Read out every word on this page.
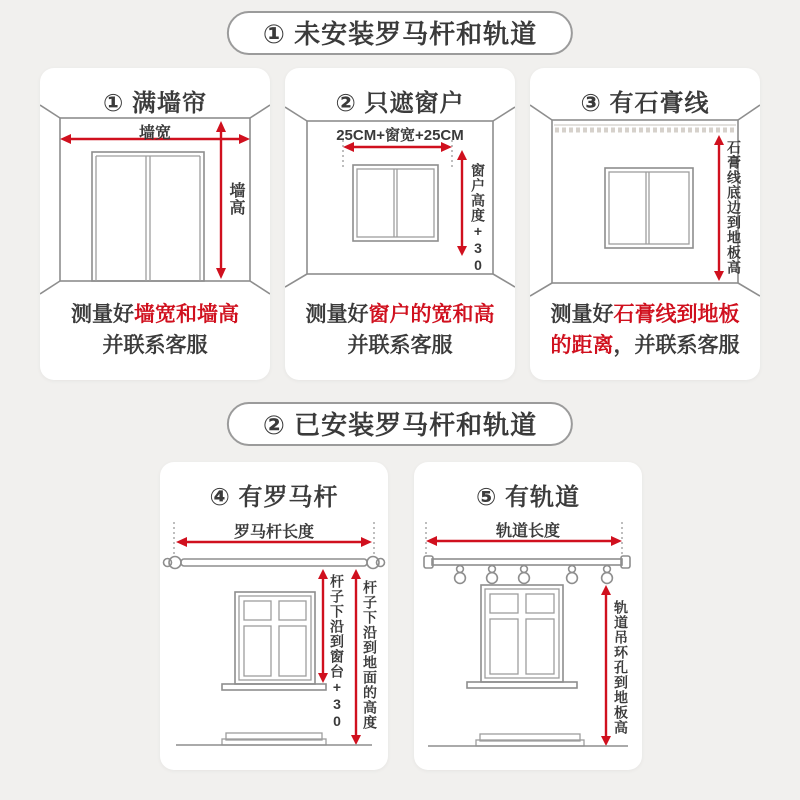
① 未安装罗马杆和轨道
① 满墙帘
墙宽
墙高
测量好墙宽和墙高
并联系客服
② 只遮窗户
25CM+窗宽+25CM
窗户高度+30
测量好窗户的宽和高
并联系客服
③ 有石膏线
石膏线底边到地板高
测量好石膏线到地板
的距离，并联系客服
② 已安装罗马杆和轨道
④ 有罗马杆
罗马杆长度
杆子下沿到窗台+30 杆子下沿到地面的高度
⑤ 有轨道
轨道长度
轨道吊环孔到地板高
